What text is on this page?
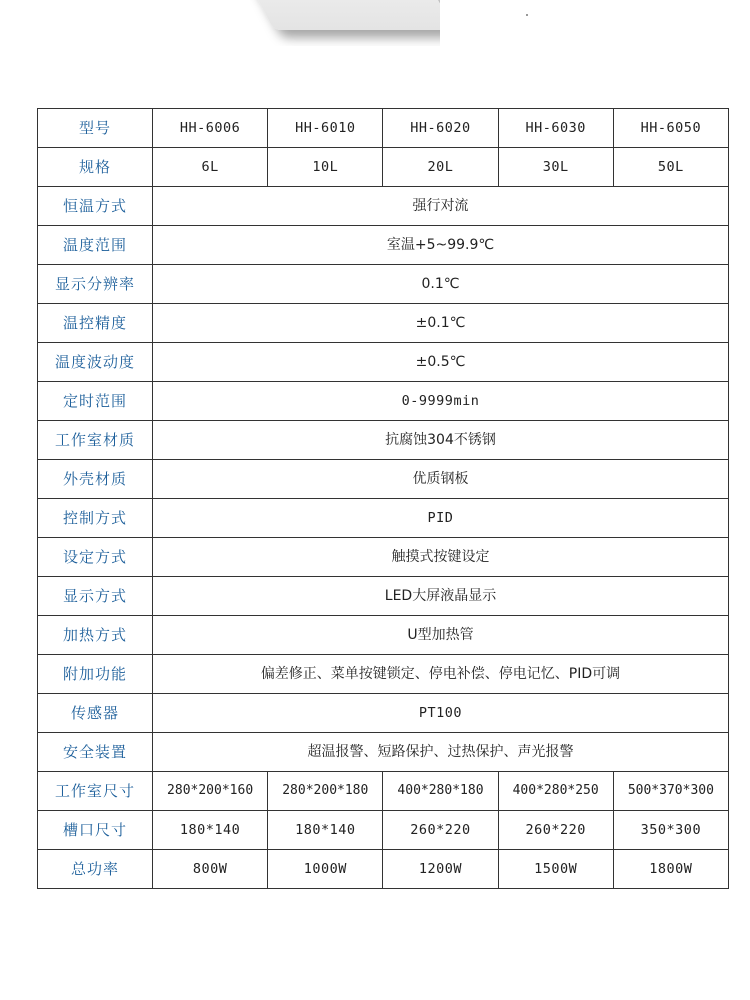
型号	HH-6006	HH-6010	HH-6020	HH-6030	HH-6050
规格	6L	10L	20L	30L	50L
恒温方式	强行对流				
温度范围	室温+5~99.9℃				
显示分辨率	0.1℃				
温控精度	±0.1℃				
温度波动度	±0.5℃				
定时范围	0-9999min				
工作室材质	抗腐蚀304不锈钢				
外壳材质	优质钢板				
控制方式	PID				
设定方式	触摸式按键设定				
显示方式	LED大屏液晶显示				
加热方式	U型加热管				
附加功能	偏差修正、菜单按键锁定、停电补偿、停电记忆、PID可调				
传感器	PT100				
安全装置	超温报警、短路保护、过热保护、声光报警				
工作室尺寸	280*200*160	280*200*180	400*280*180	400*280*250	500*370*300
槽口尺寸	180*140	180*140	260*220	260*220	350*300
总功率	800W	1000W	1200W	1500W	1800W
